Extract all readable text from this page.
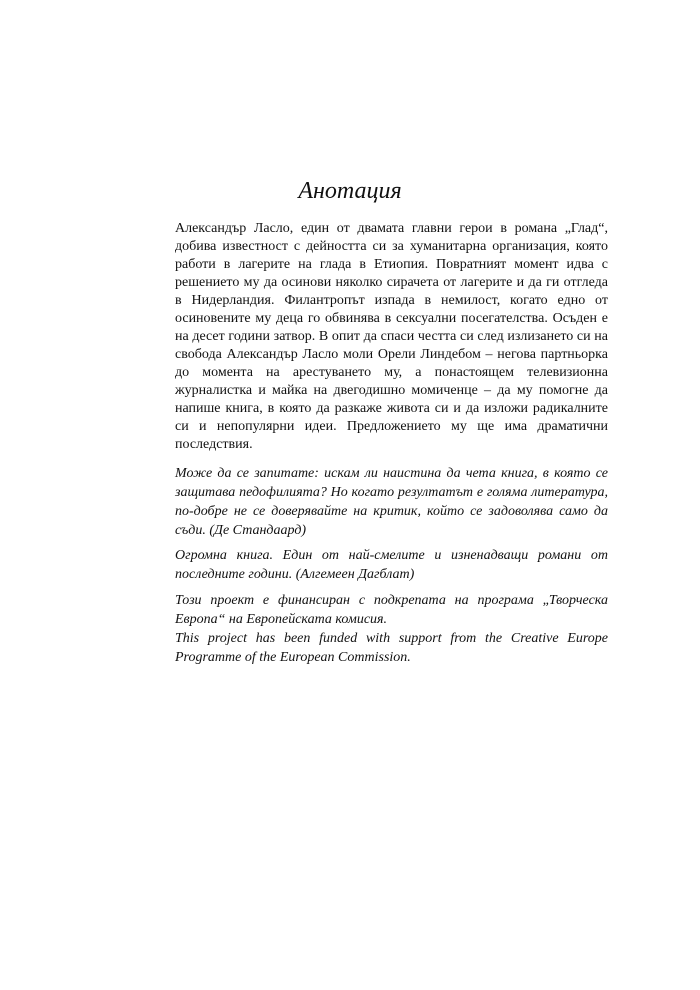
Анотация

Александър Ласло, един от двамата главни герои в романа „Глад“, добива известност с дейността си за хуманитарна организация, която работи в лагерите на глада в Етиопия. Повратният момент идва с решението му да осинови няколко сирачета от лагерите и да ги отгледа в Нидерландия. Филантропът изпада в немилост, когато едно от осиновените му деца го обвинява в сексуални посегателства. Осъден е на десет години затвор. В опит да спаси честта си след излизането си на свобода Александър Ласло моли Орели Линдебом – негова партньорка до момента на арестуването му, а понастоящем телевизионна журналистка и майка на двегодишно момиченце – да му помогне да напише книга, в която да разкаже живота си и да изложи радикалните си и непопулярни идеи. Предложението му ще има драматични последствия.

Може да се запитате: искам ли наистина да чета книга, в която се защитава педофилията? Но когато резултатът е голяма литература, по-добре не се доверявайте на критик, който се задоволява само да съди. (Де Стандаард)

Огромна книга. Един от най-смелите и изненадващи романи от последните години. (Алгемеен Дагблат)

Този проект е финансиран с подкрепата на програма „Творческа Европа“ на Европейската комисия.
This project has been funded with support from the Creative Europe Programme of the European Commission.
